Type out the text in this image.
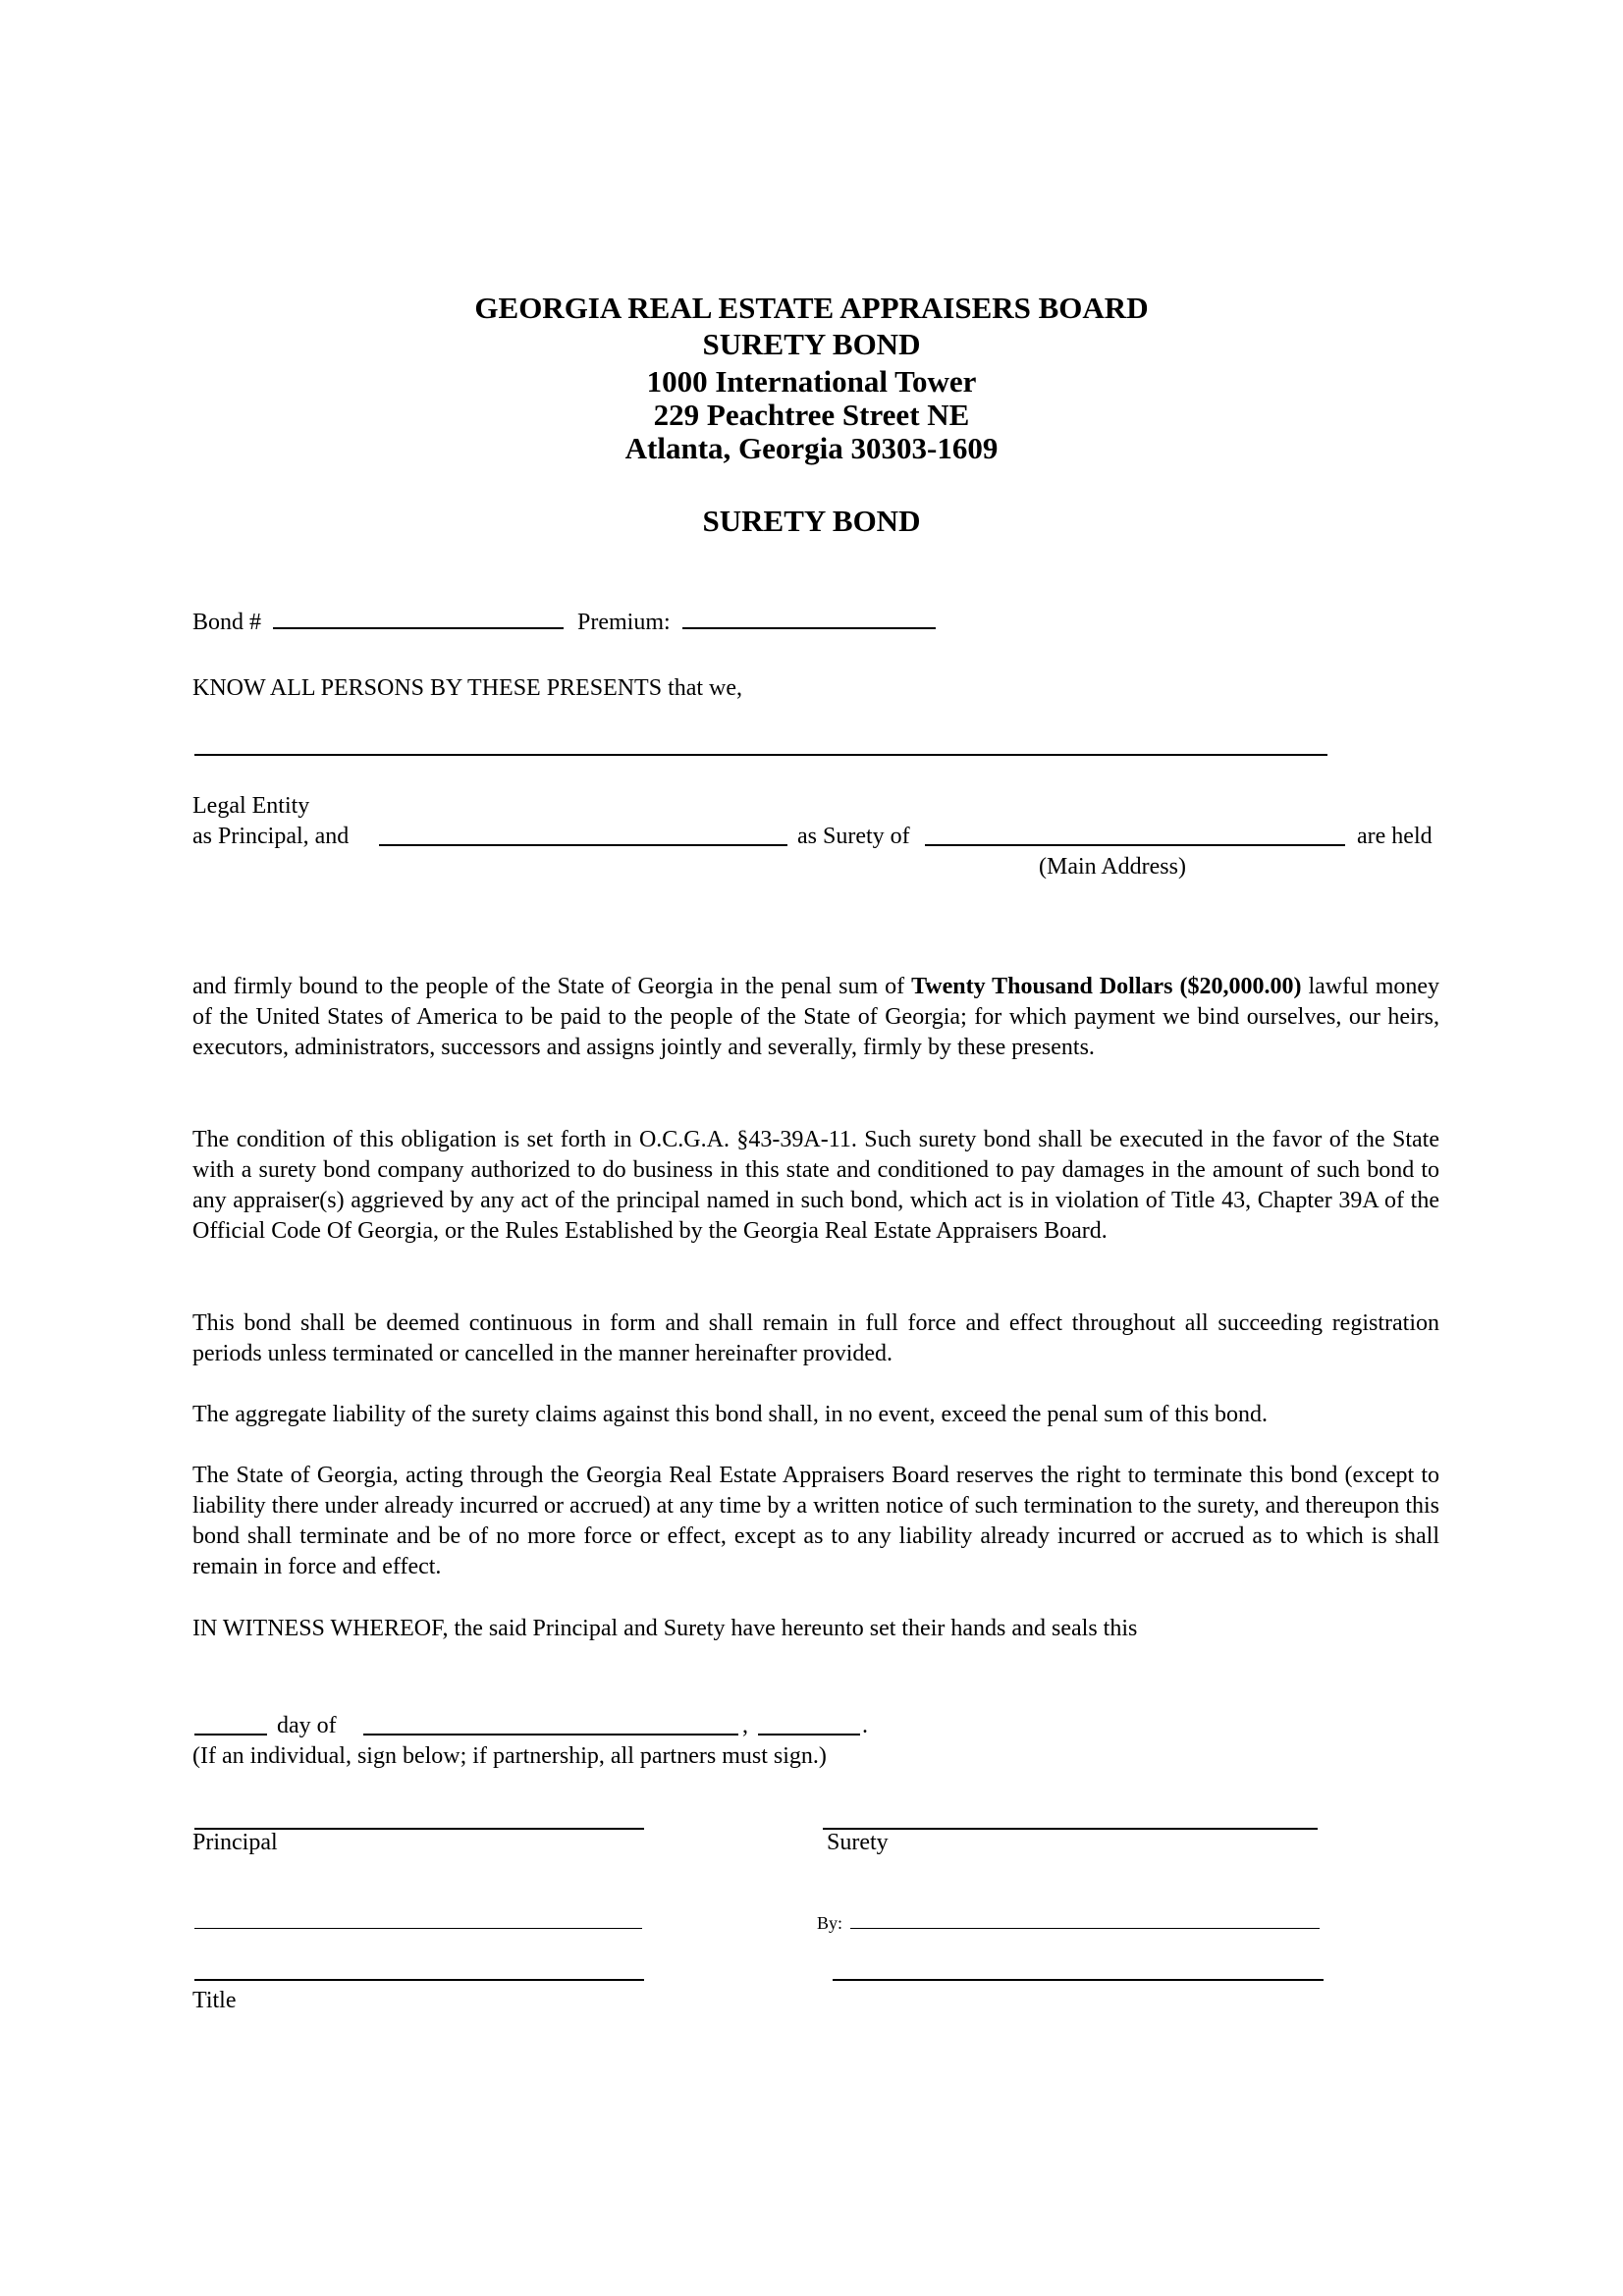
GEORGIA REAL ESTATE APPRAISERS BOARD
SURETY BOND
1000 International Tower
229 Peachtree Street NE
Atlanta, Georgia 30303-1609
SURETY BOND
Bond #	Premium:
KNOW ALL PERSONS BY THESE PRESENTS that we,
Legal Entity
as Principal, and	as Surety of	are held
(Main Address)
and firmly bound to the people of the State of Georgia in the penal sum of Twenty Thousand Dollars ($20,000.00) lawful money of the United States of America to be paid to the people of the State of Georgia; for which payment we bind ourselves, our heirs, executors, administrators, successors and assigns jointly and severally, firmly by these presents.
The condition of this obligation is set forth in O.C.G.A. §43-39A-11. Such surety bond shall be executed in the favor of the State with a surety bond company authorized to do business in this state and conditioned to pay damages in the amount of such bond to any appraiser(s) aggrieved by any act of the principal named in such bond, which act is in violation of Title 43, Chapter 39A of the Official Code Of Georgia, or the Rules Established by the Georgia Real Estate Appraisers Board.
This bond shall be deemed continuous in form and shall remain in full force and effect throughout all succeeding registration periods unless terminated or cancelled in the manner hereinafter provided.
The aggregate liability of the surety claims against this bond shall, in no event, exceed the penal sum of this bond.
The State of Georgia, acting through the Georgia Real Estate Appraisers Board reserves the right to terminate this bond (except to liability there under already incurred or accrued) at any time by a written notice of such termination to the surety, and thereupon this bond shall terminate and be of no more force or effect, except as to any liability already incurred or accrued as to which is shall remain in force and effect.
IN WITNESS WHEREOF, the said Principal and Surety have hereunto set their hands and seals this
day of	,	.
(If an individual, sign below; if partnership, all partners must sign.)
Principal	Surety
By:
Title
